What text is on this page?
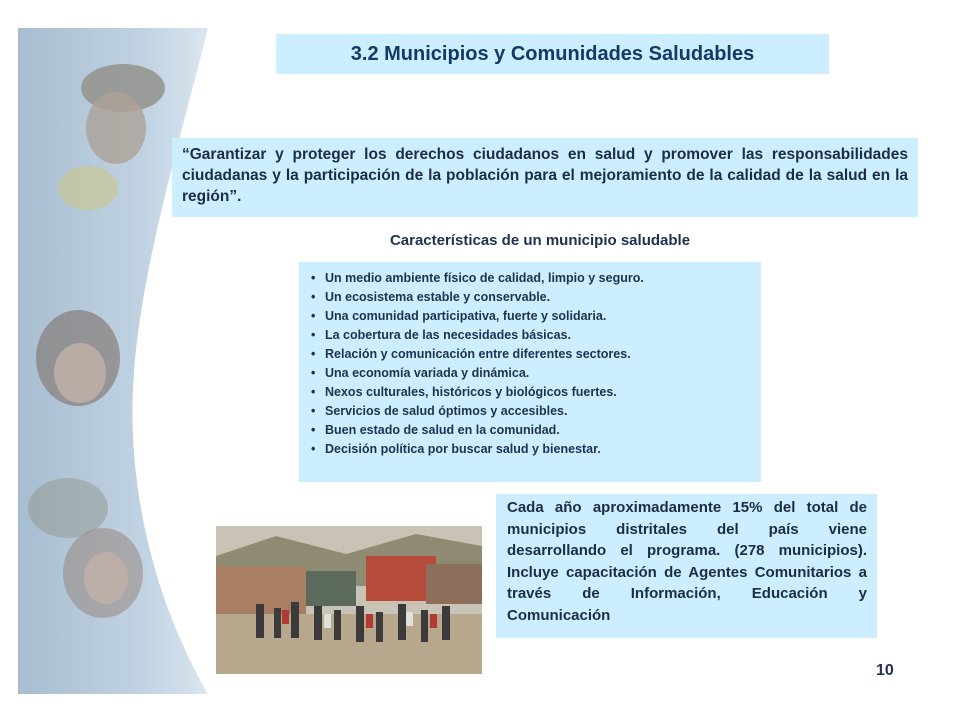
3.2 Municipios y Comunidades Saludables
“Garantizar y proteger los derechos ciudadanos en salud y promover las responsabilidades ciudadanas y la participación de la población para el mejoramiento de la calidad de la salud en la región”.
Características de un municipio saludable
• Un medio ambiente físico de calidad, limpio y seguro.
• Un ecosistema estable y conservable.
• Una comunidad participativa, fuerte y solidaria.
• La cobertura de las necesidades básicas.
• Relación y comunicación entre diferentes sectores.
• Una economía variada y dinámica.
• Nexos culturales, históricos y biológicos fuertes.
• Servicios de salud óptimos y accesibles.
• Buen estado de salud en la comunidad.
• Decisión política por buscar salud y bienestar.
Cada año aproximadamente 15% del total de municipios distritales del país viene desarrollando el programa. (278 municipios). Incluye capacitación de Agentes Comunitarios a través de Información, Educación y Comunicación
10
